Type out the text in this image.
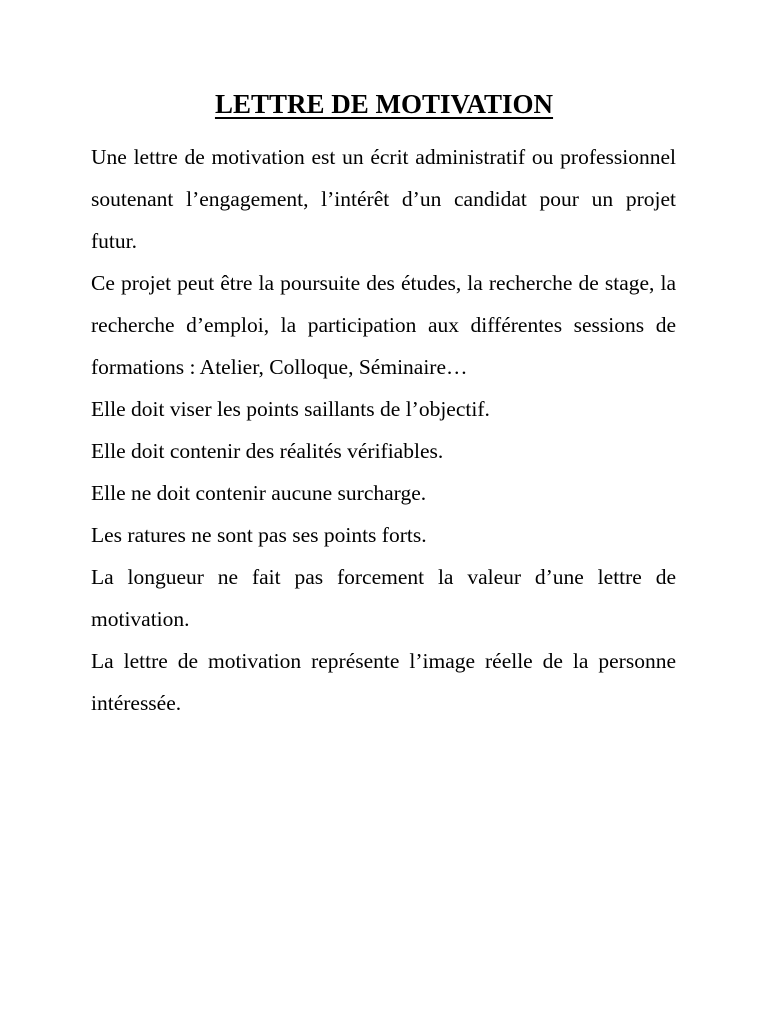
LETTRE DE MOTIVATION

Une lettre de motivation est un écrit administratif ou professionnel soutenant l’engagement, l’intérêt d’un candidat pour un projet futur.

Ce projet peut être la poursuite des études, la recherche de stage, la recherche d’emploi, la participation aux différentes sessions de formations : Atelier, Colloque, Séminaire…

Elle doit viser les points saillants de l’objectif.

Elle doit contenir des réalités vérifiables.

Elle ne doit contenir aucune surcharge.

Les ratures ne sont pas ses points forts.

La longueur ne fait pas forcement la valeur d’une lettre de motivation.

La lettre de motivation représente l’image réelle de la personne intéressée.
